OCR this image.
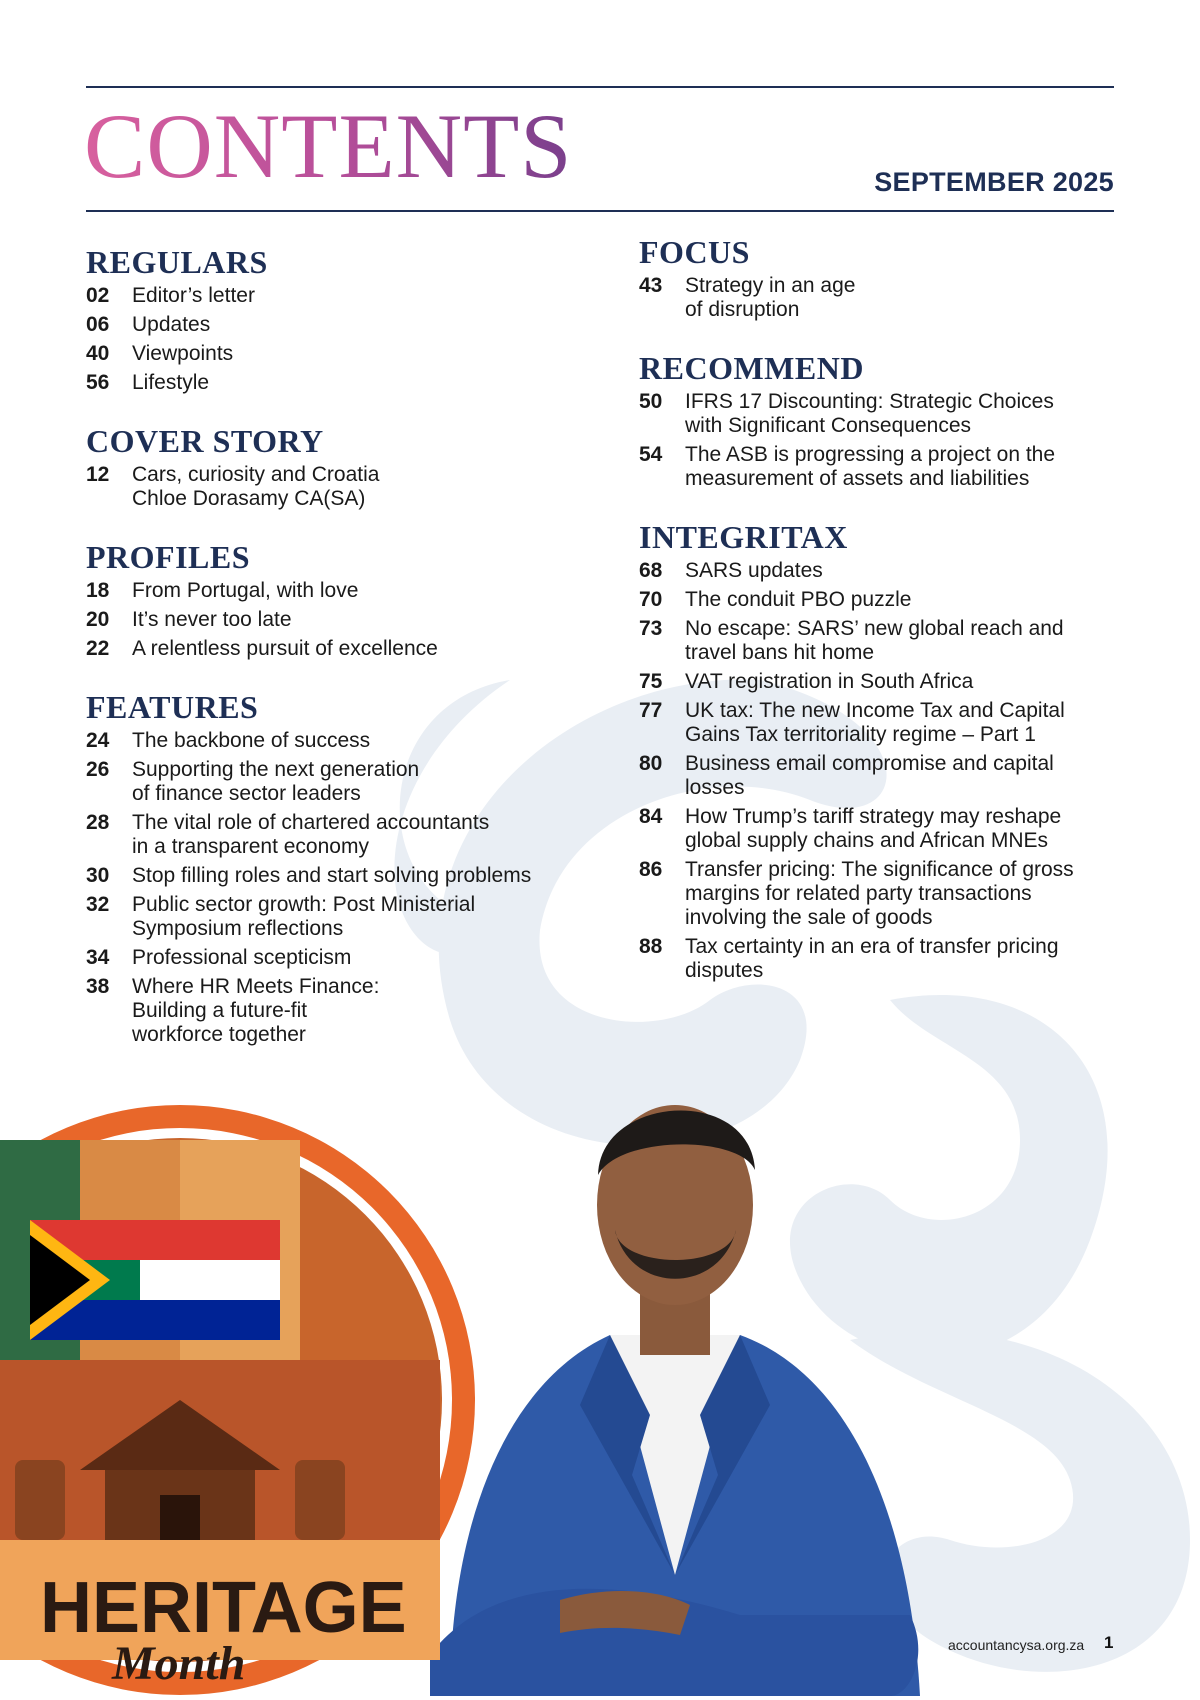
CONTENTS	SEPTEMBER 2025
REGULARS
02	Editor’s letter
06	Updates
40	Viewpoints
56	Lifestyle
COVER STORY
12	Cars, curiosity and Croatia
Chloe Dorasamy CA(SA)
PROFILES
18	From Portugal, with love
20	It’s never too late
22	A relentless pursuit of excellence
FEATURES
24	The backbone of success
26	Supporting the next generation
of finance sector leaders
28	The vital role of chartered accountants
in a transparent economy
30	Stop filling roles and start solving problems
32	Public sector growth: Post Ministerial
Symposium reflections
34	Professional scepticism
38	Where HR Meets Finance:
Building a future-fit
workforce together
FOCUS
43	Strategy in an age
of disruption
RECOMMEND
50	IFRS 17 Discounting: Strategic Choices
with Significant Consequences
54	The ASB is progressing a project on the
measurement of assets and liabilities
INTEGRITAX
68	SARS updates
70	The conduit PBO puzzle
73	No escape: SARS’ new global reach and
travel bans hit home
75	VAT registration in South Africa
77	UK tax: The new Income Tax and Capital
Gains Tax territoriality regime – Part 1
80	Business email compromise and capital
losses
84	How Trump’s tariff strategy may reshape
global supply chains and African MNEs
86	Transfer pricing: The significance of gross
margins for related party transactions
involving the sale of goods
88	Tax certainty in an era of transfer pricing
disputes
HERITAGE
Month	accountancysa.org.za 1
